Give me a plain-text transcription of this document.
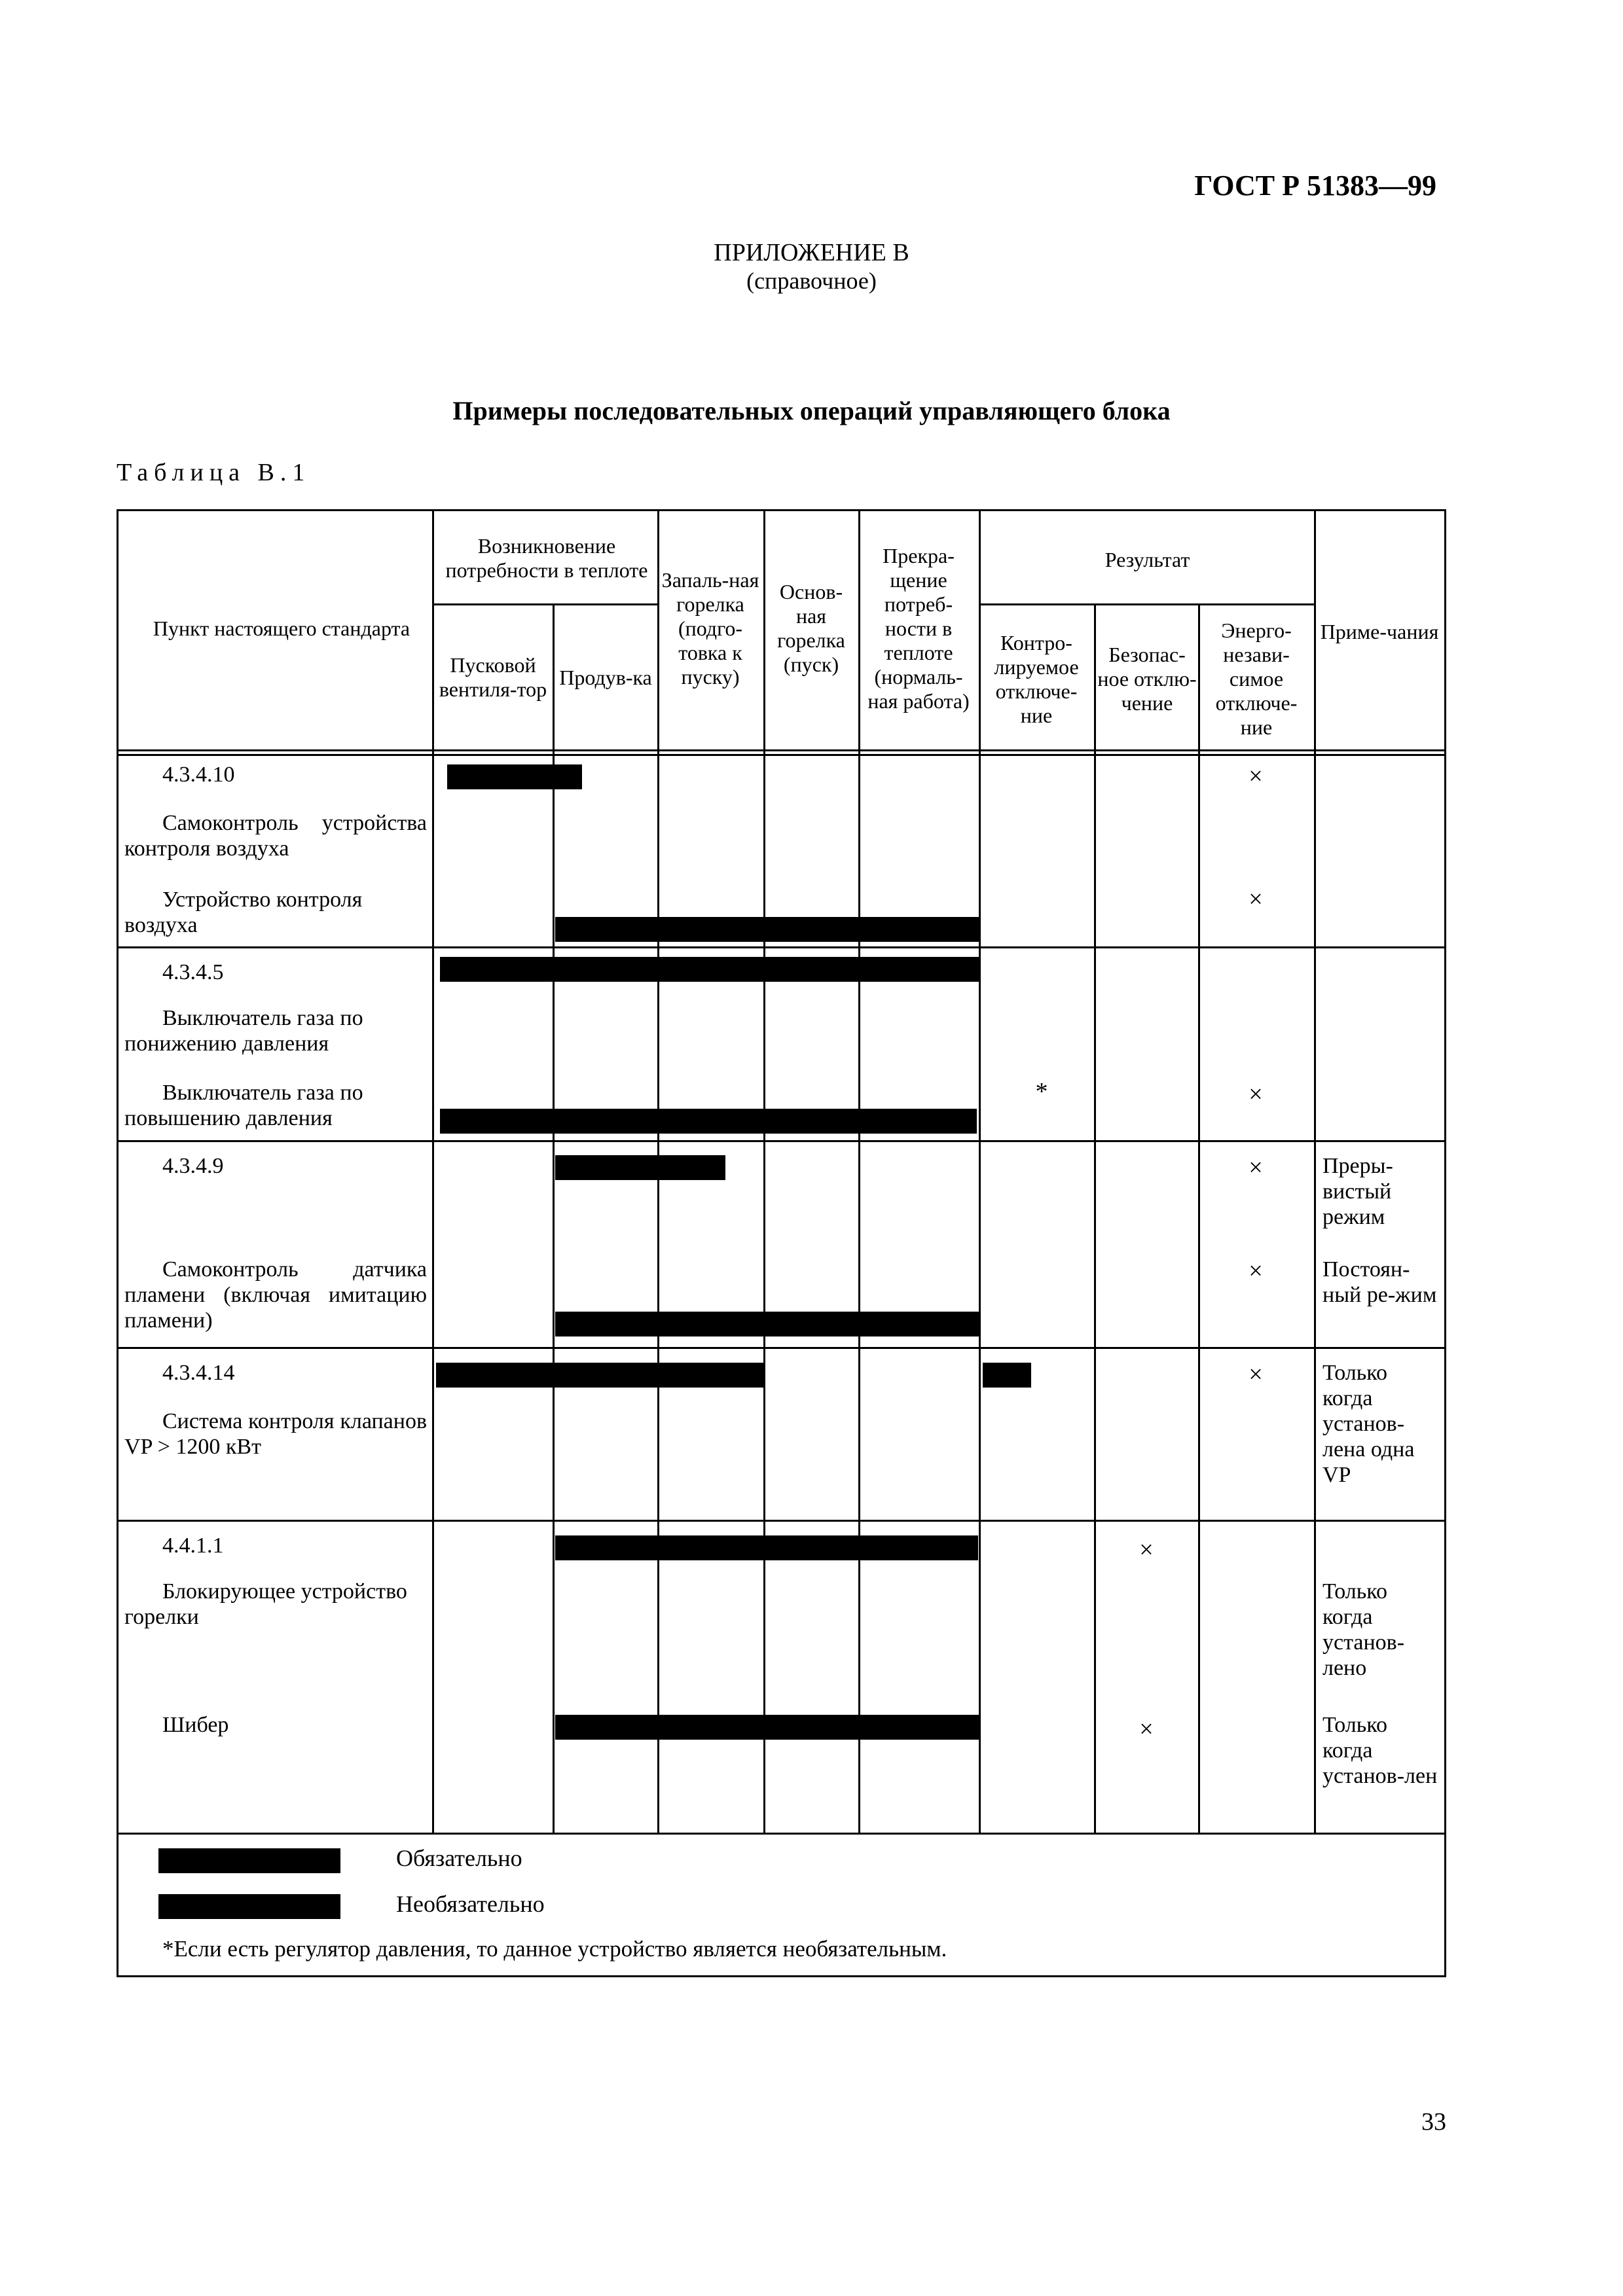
ГОСТ Р 51383—99
ПРИЛОЖЕНИЕ В
(справочное)
Примеры последовательных операций управляющего блока
Таблица В.1
Пункт настоящего стандарта
Возникновение потребности в теплоте
Пусковой вентиля-тор
Продув-ка
Запаль-ная горелка (подго-товка к пуску)
Основ-ная горелка (пуск)
Прекра-щение потреб-ности в теплоте (нормаль-ная работа)
Результат
Контро-лируемое отключе-ние
Безопас-ное отклю-чение
Энерго-незави-симое отключе-ние
Приме-чания
4.3.4.10
Самоконтроль устройства контроля воздуха
Устройство контроля воздуха
×
×
4.3.4.5
Выключатель газа по понижению давления
Выключатель газа по повышению давления
*	×
4.3.4.9
Самоконтроль датчика пламени (включая имитацию пламени)
×
×
Преры-вистый режим
Постоян-ный ре-жим
4.3.4.14
Система контроля клапанов VP > 1200 кВт
×	Только когда установ-лена одна VP
4.4.1.1
Блокирующее устройство горелки
Шибер
×
×
Только когда установ-лено
Только когда установ-лен
Обязательно
Необязательно
*Если есть регулятор давления, то данное устройство является необязательным.
33
